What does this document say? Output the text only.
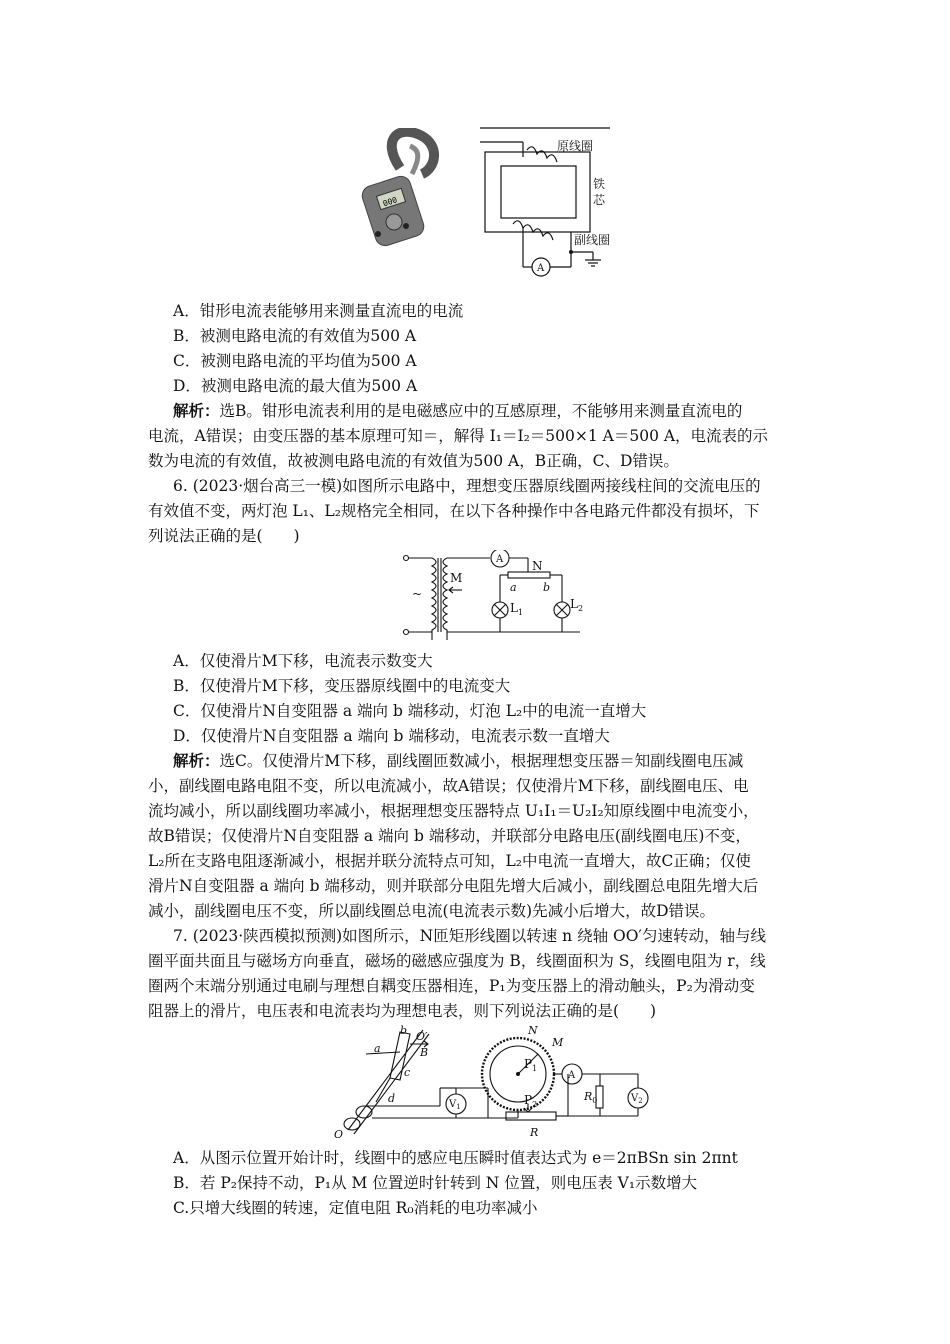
000
原线圈
铁
芯
副线圈
A
A．钳形电流表能够用来测量直流电的电流
B．被测电路电流的有效值为500 A
C．被测电路电流的平均值为500 A
D．被测电路电流的最大值为500 A
解析：选B。钳形电流表利用的是电磁感应中的互感原理，不能够用来测量直流电的
电流，A错误；由变压器的基本原理可知＝，解得 I₁＝I₂＝500×1 A＝500 A，电流表的示
数为电流的有效值，故被测电路电流的有效值为500 A，B正确，C、D错误。
6. (2023·烟台高三一模)如图所示电路中，理想变压器原线圈两接线柱间的交流电压的
有效值不变，两灯泡 L₁、L₂规格完全相同，在以下各种操作中各电路元件都没有损坏，下
列说法正确的是(　　)
~
M
A N
a b
$L_1$
$L_2$
A．仅使滑片M下移，电流表示数变大
B．仅使滑片M下移，变压器原线圈中的电流变大
C．仅使滑片N自变阻器 a 端向 b 端移动，灯泡 L₂中的电流一直增大
D．仅使滑片N自变阻器 a 端向 b 端移动，电流表示数一直增大
解析：选C。仅使滑片M下移，副线圈匝数减小，根据理想变压器＝知副线圈电压减
小，副线圈电路电阻不变，所以电流减小，故A错误；仅使滑片M下移，副线圈电压、电
流均减小，所以副线圈功率减小，根据理想变压器特点 U₁I₁＝U₂I₂知原线圈中电流变小，
故B错误；仅使滑片N自变阻器 a 端向 b 端移动，并联部分电路电压(副线圈电压)不变，
L₂所在支路电阻逐渐减小，根据并联分流特点可知，L₂中电流一直增大，故C正确；仅使
滑片N自变阻器 a 端向 b 端移动，则并联部分电阻先增大后减小，副线圈总电阻先增大后
减小，副线圈电压不变，所以副线圈总电流(电流表示数)先减小后增大，故D错误。
7. (2023·陕西模拟预测)如图所示，N匝矩形线圈以转速 n 绕轴 OO′匀速转动，轴与线
圈平面共面且与磁场方向垂直，磁场的磁感应强度为 B，线圈面积为 S，线圈电阻为 r，线
圈两个末端分别通过电刷与理想自耦变压器相连，P₁为变压器上的滑动触头，P₂为滑动变
阻器上的滑片，电压表和电流表均为理想电表，则下列说法正确的是(　　)
b O′
a	B
c
d
O
N
M
$P_1$
$V_1$
A
$P_2$
R
$R_0$	$V_2$
A．从图示位置开始计时，线圈中的感应电压瞬时值表达式为 e＝2πBSn sin 2πnt
B．若 P₂保持不动，P₁从 M 位置逆时针转到 N 位置，则电压表 V₁示数增大
C.只增大线圈的转速，定值电阻 R₀消耗的电功率减小
